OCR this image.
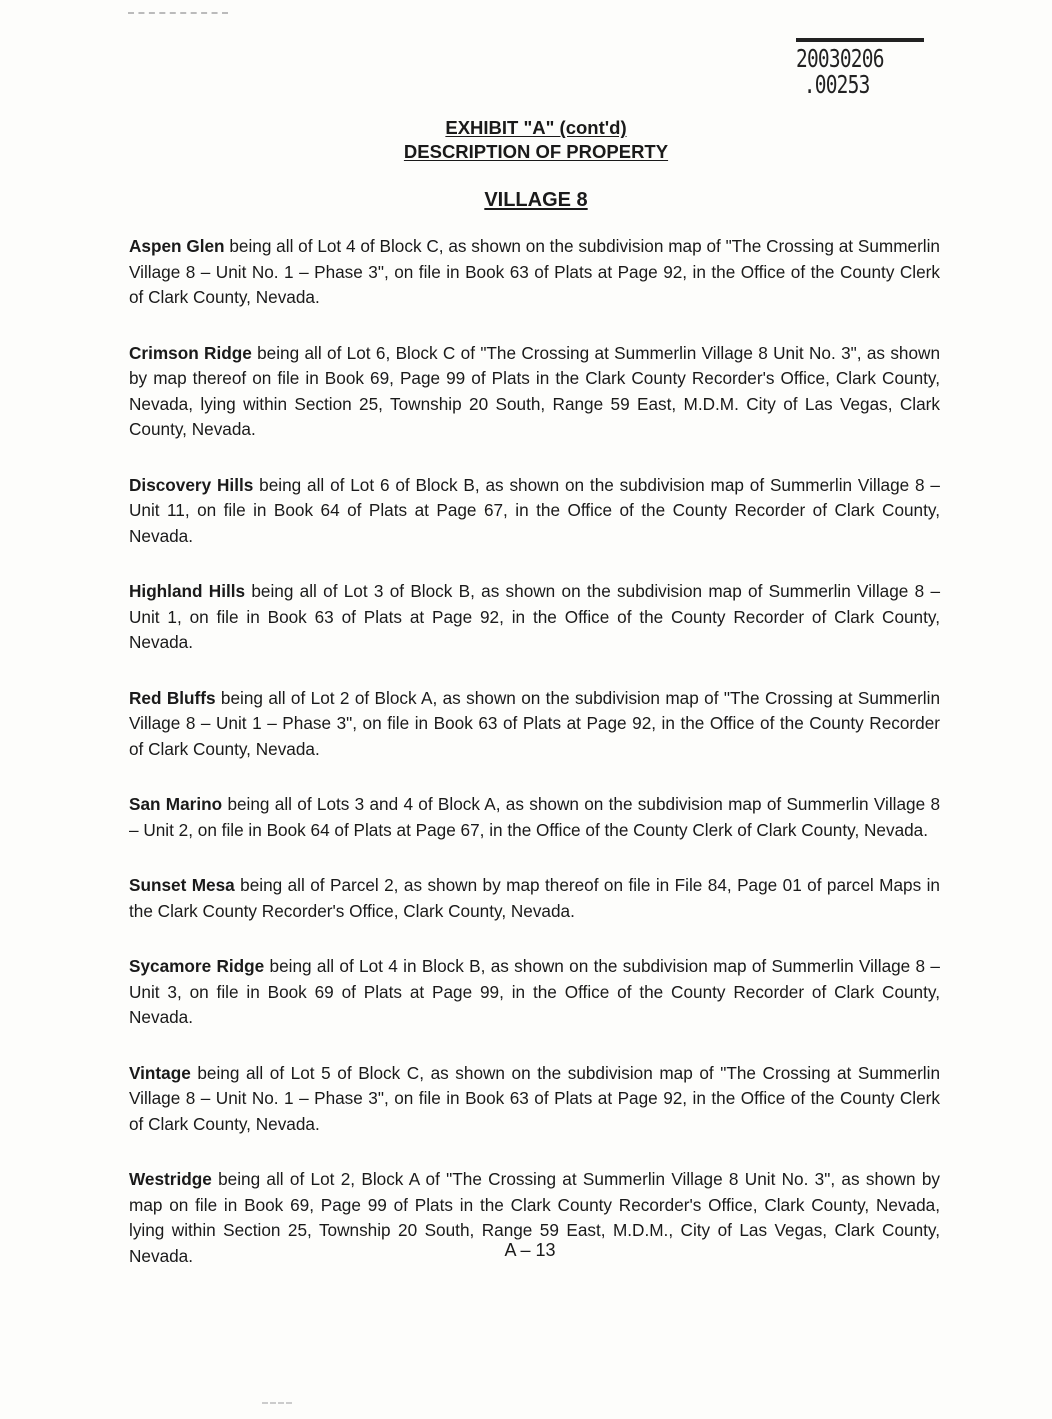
20030206
.00253
EXHIBIT "A" (cont'd)
DESCRIPTION OF PROPERTY
VILLAGE 8

Aspen Glen being all of Lot 4 of Block C, as shown on the subdivision map of "The Crossing at Summerlin Village 8 – Unit No. 1 – Phase 3", on file in Book 63 of Plats at Page 92, in the Office of the County Clerk of Clark County, Nevada.

Crimson Ridge being all of Lot 6, Block C of "The Crossing at Summerlin Village 8 Unit No. 3", as shown by map thereof on file in Book 69, Page 99 of Plats in the Clark County Recorder's Office, Clark County, Nevada, lying within Section 25, Township 20 South, Range 59 East, M.D.M. City of Las Vegas, Clark County, Nevada.

Discovery Hills being all of Lot 6 of Block B, as shown on the subdivision map of Summerlin Village 8 – Unit 11, on file in Book 64 of Plats at Page 67, in the Office of the County Recorder of Clark County, Nevada.

Highland Hills being all of Lot 3 of Block B, as shown on the subdivision map of Summerlin Village 8 – Unit 1, on file in Book 63 of Plats at Page 92, in the Office of the County Recorder of Clark County, Nevada.

Red Bluffs being all of Lot 2 of Block A, as shown on the subdivision map of "The Crossing at Summerlin Village 8 – Unit 1 – Phase 3", on file in Book 63 of Plats at Page 92, in the Office of the County Recorder of Clark County, Nevada.

San Marino being all of Lots 3 and 4 of Block A, as shown on the subdivision map of Summerlin Village 8 – Unit 2, on file in Book 64 of Plats at Page 67, in the Office of the County Clerk of Clark County, Nevada.

Sunset Mesa being all of Parcel 2, as shown by map thereof on file in File 84, Page 01 of parcel Maps in the Clark County Recorder's Office, Clark County, Nevada.

Sycamore Ridge being all of Lot 4 in Block B, as shown on the subdivision map of Summerlin Village 8 – Unit 3, on file in Book 69 of Plats at Page 99, in the Office of the County Recorder of Clark County, Nevada.

Vintage being all of Lot 5 of Block C, as shown on the subdivision map of "The Crossing at Summerlin Village 8 – Unit No. 1 – Phase 3", on file in Book 63 of Plats at Page 92, in the Office of the County Clerk of Clark County, Nevada.

Westridge being all of Lot 2, Block A of "The Crossing at Summerlin Village 8 Unit No. 3", as shown by map on file in Book 69, Page 99 of Plats in the Clark County Recorder's Office, Clark County, Nevada, lying within Section 25, Township 20 South, Range 59 East, M.D.M., City of Las Vegas, Clark County, Nevada.	A – 13
